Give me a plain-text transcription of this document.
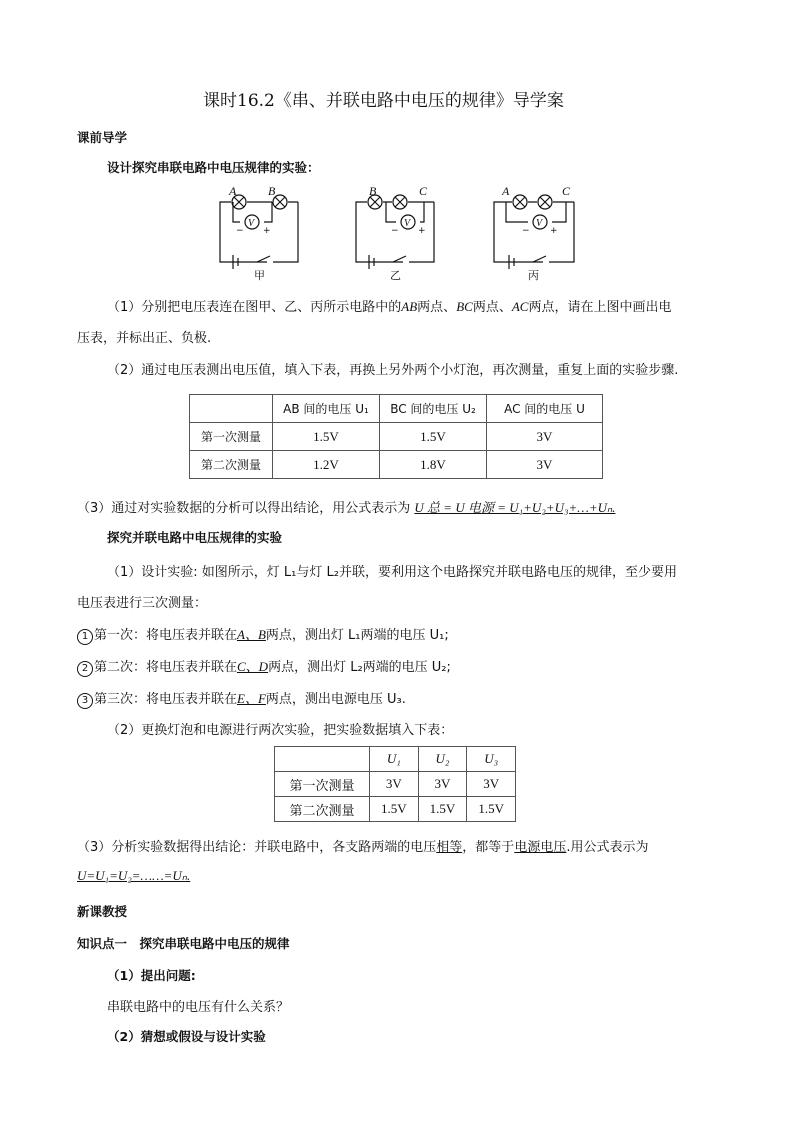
课时16.2《串、并联电路中电压的规律》导学案
课前导学
设计探究串联电路中电压规律的实验：
A	B
V
− +
甲
B	C
V
− +
乙
A	C
V
− +
丙
（1）分别把电压表连在图甲、乙、丙所示电路中的AB两点、BC两点、AC两点，请在上图中画出电
压表，并标出正、负极.
（2）通过电压表测出电压值，填入下表，再换上另外两个小灯泡，再次测量，重复上面的实验步骤.
	AB 间的电压 U₁	BC 间的电压 U₂	AC 间的电压 U
第一次测量	1.5V	1.5V	3V
第二次测量	1.2V	1.8V	3V
（3）通过对实验数据的分析可以得出结论，用公式表示为 U 总 = U 电源 = U₁+U₂+U₃+…+Uₙ.
探究并联电路中电压规律的实验
（1）设计实验: 如图所示，灯 L₁与灯 L₂并联，要利用这个电路探究并联电路电压的规律，至少要用
电压表进行三次测量：
1 第一次：将电压表并联在A、B两点，测出灯 L₁两端的电压 U₁;
2 第二次：将电压表并联在C、D两点，测出灯 L₂两端的电压 U₂;
3 第三次：将电压表并联在E、F两点，测出电源电压 U₃.
（2）更换灯泡和电源进行两次实验，把实验数据填入下表：
	U₁	U₂	U₃
第一次测量	3V	3V	3V
第二次测量	1.5V	1.5V	1.5V
（3）分析实验数据得出结论：并联电路中，各支路两端的电压相等，都等于电源电压.用公式表示为
U=U₁=U₂=……=Uₙ.
新课教授
知识点一　探究串联电路中电压的规律
（1）提出问题:
串联电路中的电压有什么关系？
（2）猜想或假设与设计实验
